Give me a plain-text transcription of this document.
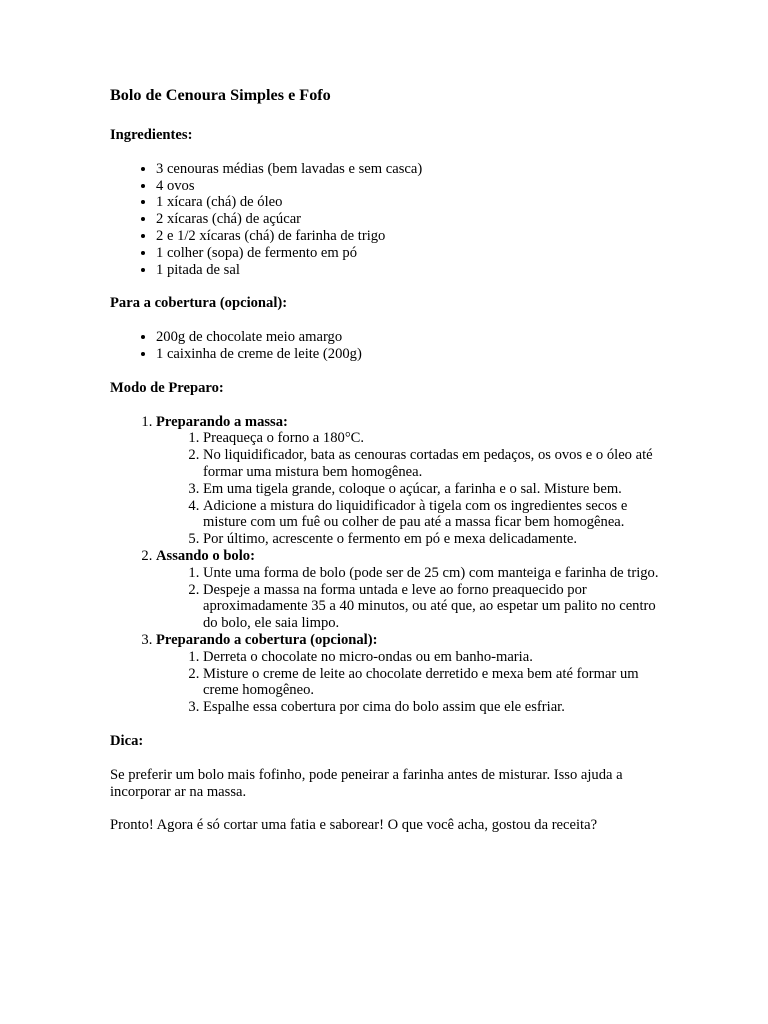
Bolo de Cenoura Simples e Fofo
Ingredientes:
• 3 cenouras médias (bem lavadas e sem casca)
• 4 ovos
• 1 xícara (chá) de óleo
• 2 xícaras (chá) de açúcar
• 2 e 1/2 xícaras (chá) de farinha de trigo
• 1 colher (sopa) de fermento em pó
• 1 pitada de sal
Para a cobertura (opcional):
• 200g de chocolate meio amargo
• 1 caixinha de creme de leite (200g)
Modo de Preparo:
1. Preparando a massa:
1. Preaqueça o forno a 180°C.
2. No liquidificador, bata as cenouras cortadas em pedaços, os ovos e o óleo até formar uma mistura bem homogênea.
3. Em uma tigela grande, coloque o açúcar, a farinha e o sal. Misture bem.
4. Adicione a mistura do liquidificador à tigela com os ingredientes secos e misture com um fuê ou colher de pau até a massa ficar bem homogênea.
5. Por último, acrescente o fermento em pó e mexa delicadamente.
2. Assando o bolo:
1. Unte uma forma de bolo (pode ser de 25 cm) com manteiga e farinha de trigo.
2. Despeje a massa na forma untada e leve ao forno preaquecido por aproximadamente 35 a 40 minutos, ou até que, ao espetar um palito no centro do bolo, ele saia limpo.
3. Preparando a cobertura (opcional):
1. Derreta o chocolate no micro-ondas ou em banho-maria.
2. Misture o creme de leite ao chocolate derretido e mexa bem até formar um creme homogêneo.
3. Espalhe essa cobertura por cima do bolo assim que ele esfriar.
Dica:

Se preferir um bolo mais fofinho, pode peneirar a farinha antes de misturar. Isso ajuda a incorporar ar na massa.

Pronto! Agora é só cortar uma fatia e saborear! O que você acha, gostou da receita?
